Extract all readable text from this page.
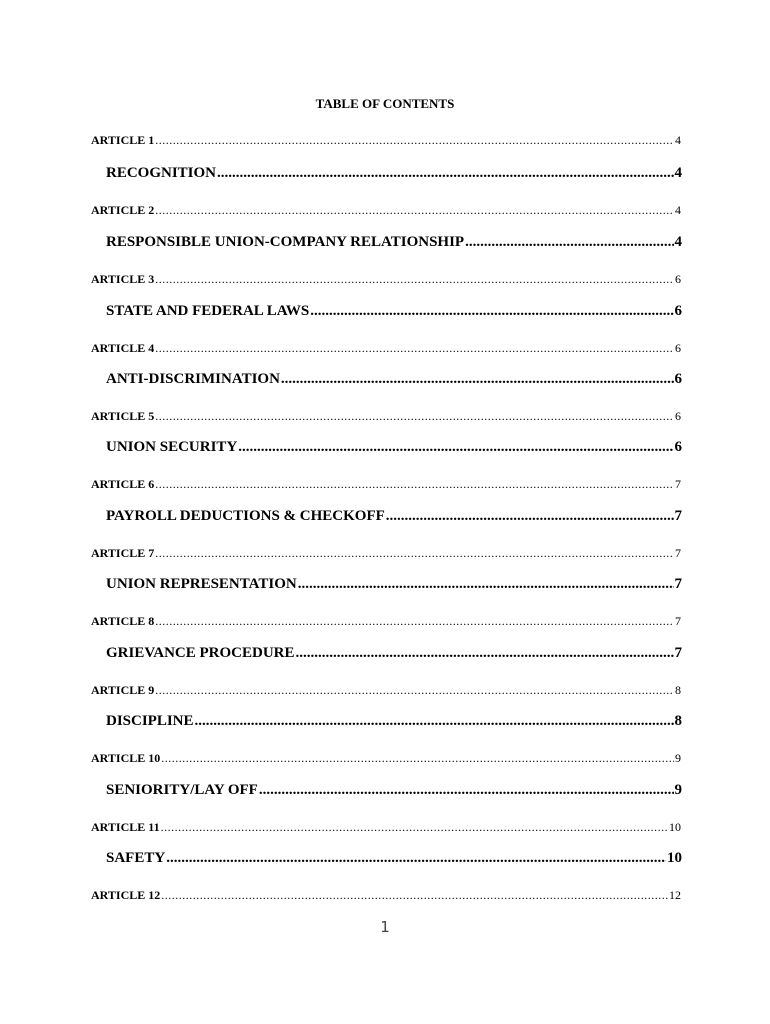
TABLE OF CONTENTS
ARTICLE 1 .....	4
RECOGNITION .....	4
ARTICLE 2 .....	4
RESPONSIBLE UNION-COMPANY RELATIONSHIP .....	4
ARTICLE 3 .....	6
STATE AND FEDERAL LAWS .....	6
ARTICLE 4 .....	6
ANTI-DISCRIMINATION .....	6
ARTICLE 5 .....	6
UNION SECURITY .....	6
ARTICLE 6 .....	7
PAYROLL DEDUCTIONS & CHECKOFF .....	7
ARTICLE 7 .....	7
UNION REPRESENTATION .....	7
ARTICLE 8 .....	7
GRIEVANCE PROCEDURE .....	7
ARTICLE 9 .....	8
DISCIPLINE .....	8
ARTICLE 10 .....	9
SENIORITY/LAY OFF .....	9
ARTICLE 11 .....	10
SAFETY .....	10
ARTICLE 12 .....	12
1
